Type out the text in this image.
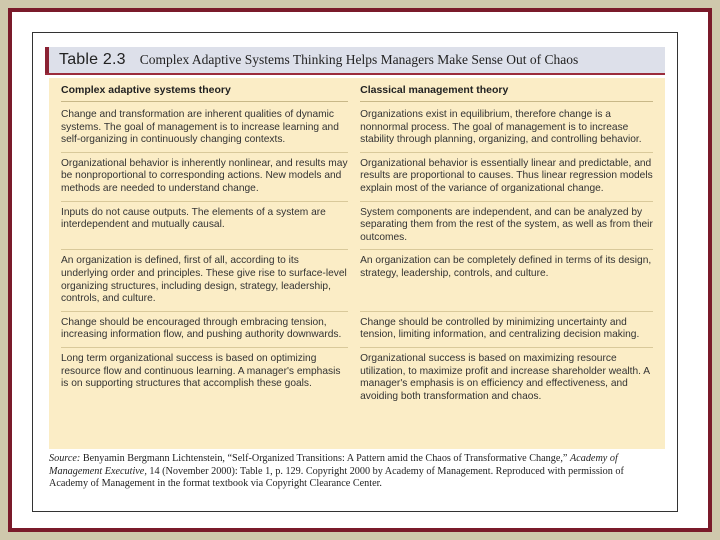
Table 2.3 Complex Adaptive Systems Thinking Helps Managers Make Sense Out of Chaos
Complex adaptive systems theory	Classical management theory
Change and transformation are inherent qualities of dynamic systems. The goal of management is to increase learning and self-organizing in continuously changing contexts.
Organizations exist in equilibrium, therefore change is a nonnormal process. The goal of management is to increase stability through planning, organizing, and controlling behavior.
Organizational behavior is inherently nonlinear, and results may be nonproportional to corresponding actions. New models and methods are needed to understand change.
Organizational behavior is essentially linear and predictable, and results are proportional to causes. Thus linear regression models explain most of the variance of organizational change.
Inputs do not cause outputs. The elements of a system are interdependent and mutually causal.
System components are independent, and can be analyzed by separating them from the rest of the system, as well as from their outcomes.
An organization is defined, first of all, according to its underlying order and principles. These give rise to surface-level organizing structures, including design, strategy, leadership, controls, and culture.
An organization can be completely defined in terms of its design, strategy, leadership, controls, and culture.
Change should be encouraged through embracing tension, increasing information flow, and pushing authority downwards.
Change should be controlled by minimizing uncertainty and tension, limiting information, and centralizing decision making.
Long term organizational success is based on optimizing resource flow and continuous learning. A manager's emphasis is on supporting structures that accomplish these goals.
Organizational success is based on maximizing resource utilization, to maximize profit and increase shareholder wealth. A manager's emphasis is on efficiency and effectiveness, and avoiding both transformation and chaos.
Source: Benyamin Bergmann Lichtenstein, “Self-Organized Transitions: A Pattern amid the Chaos of Transformative Change,” Academy of Management Executive, 14 (November 2000): Table 1, p. 129. Copyright 2000 by Academy of Management. Reproduced with permission of Academy of Management in the format textbook via Copyright Clearance Center.
